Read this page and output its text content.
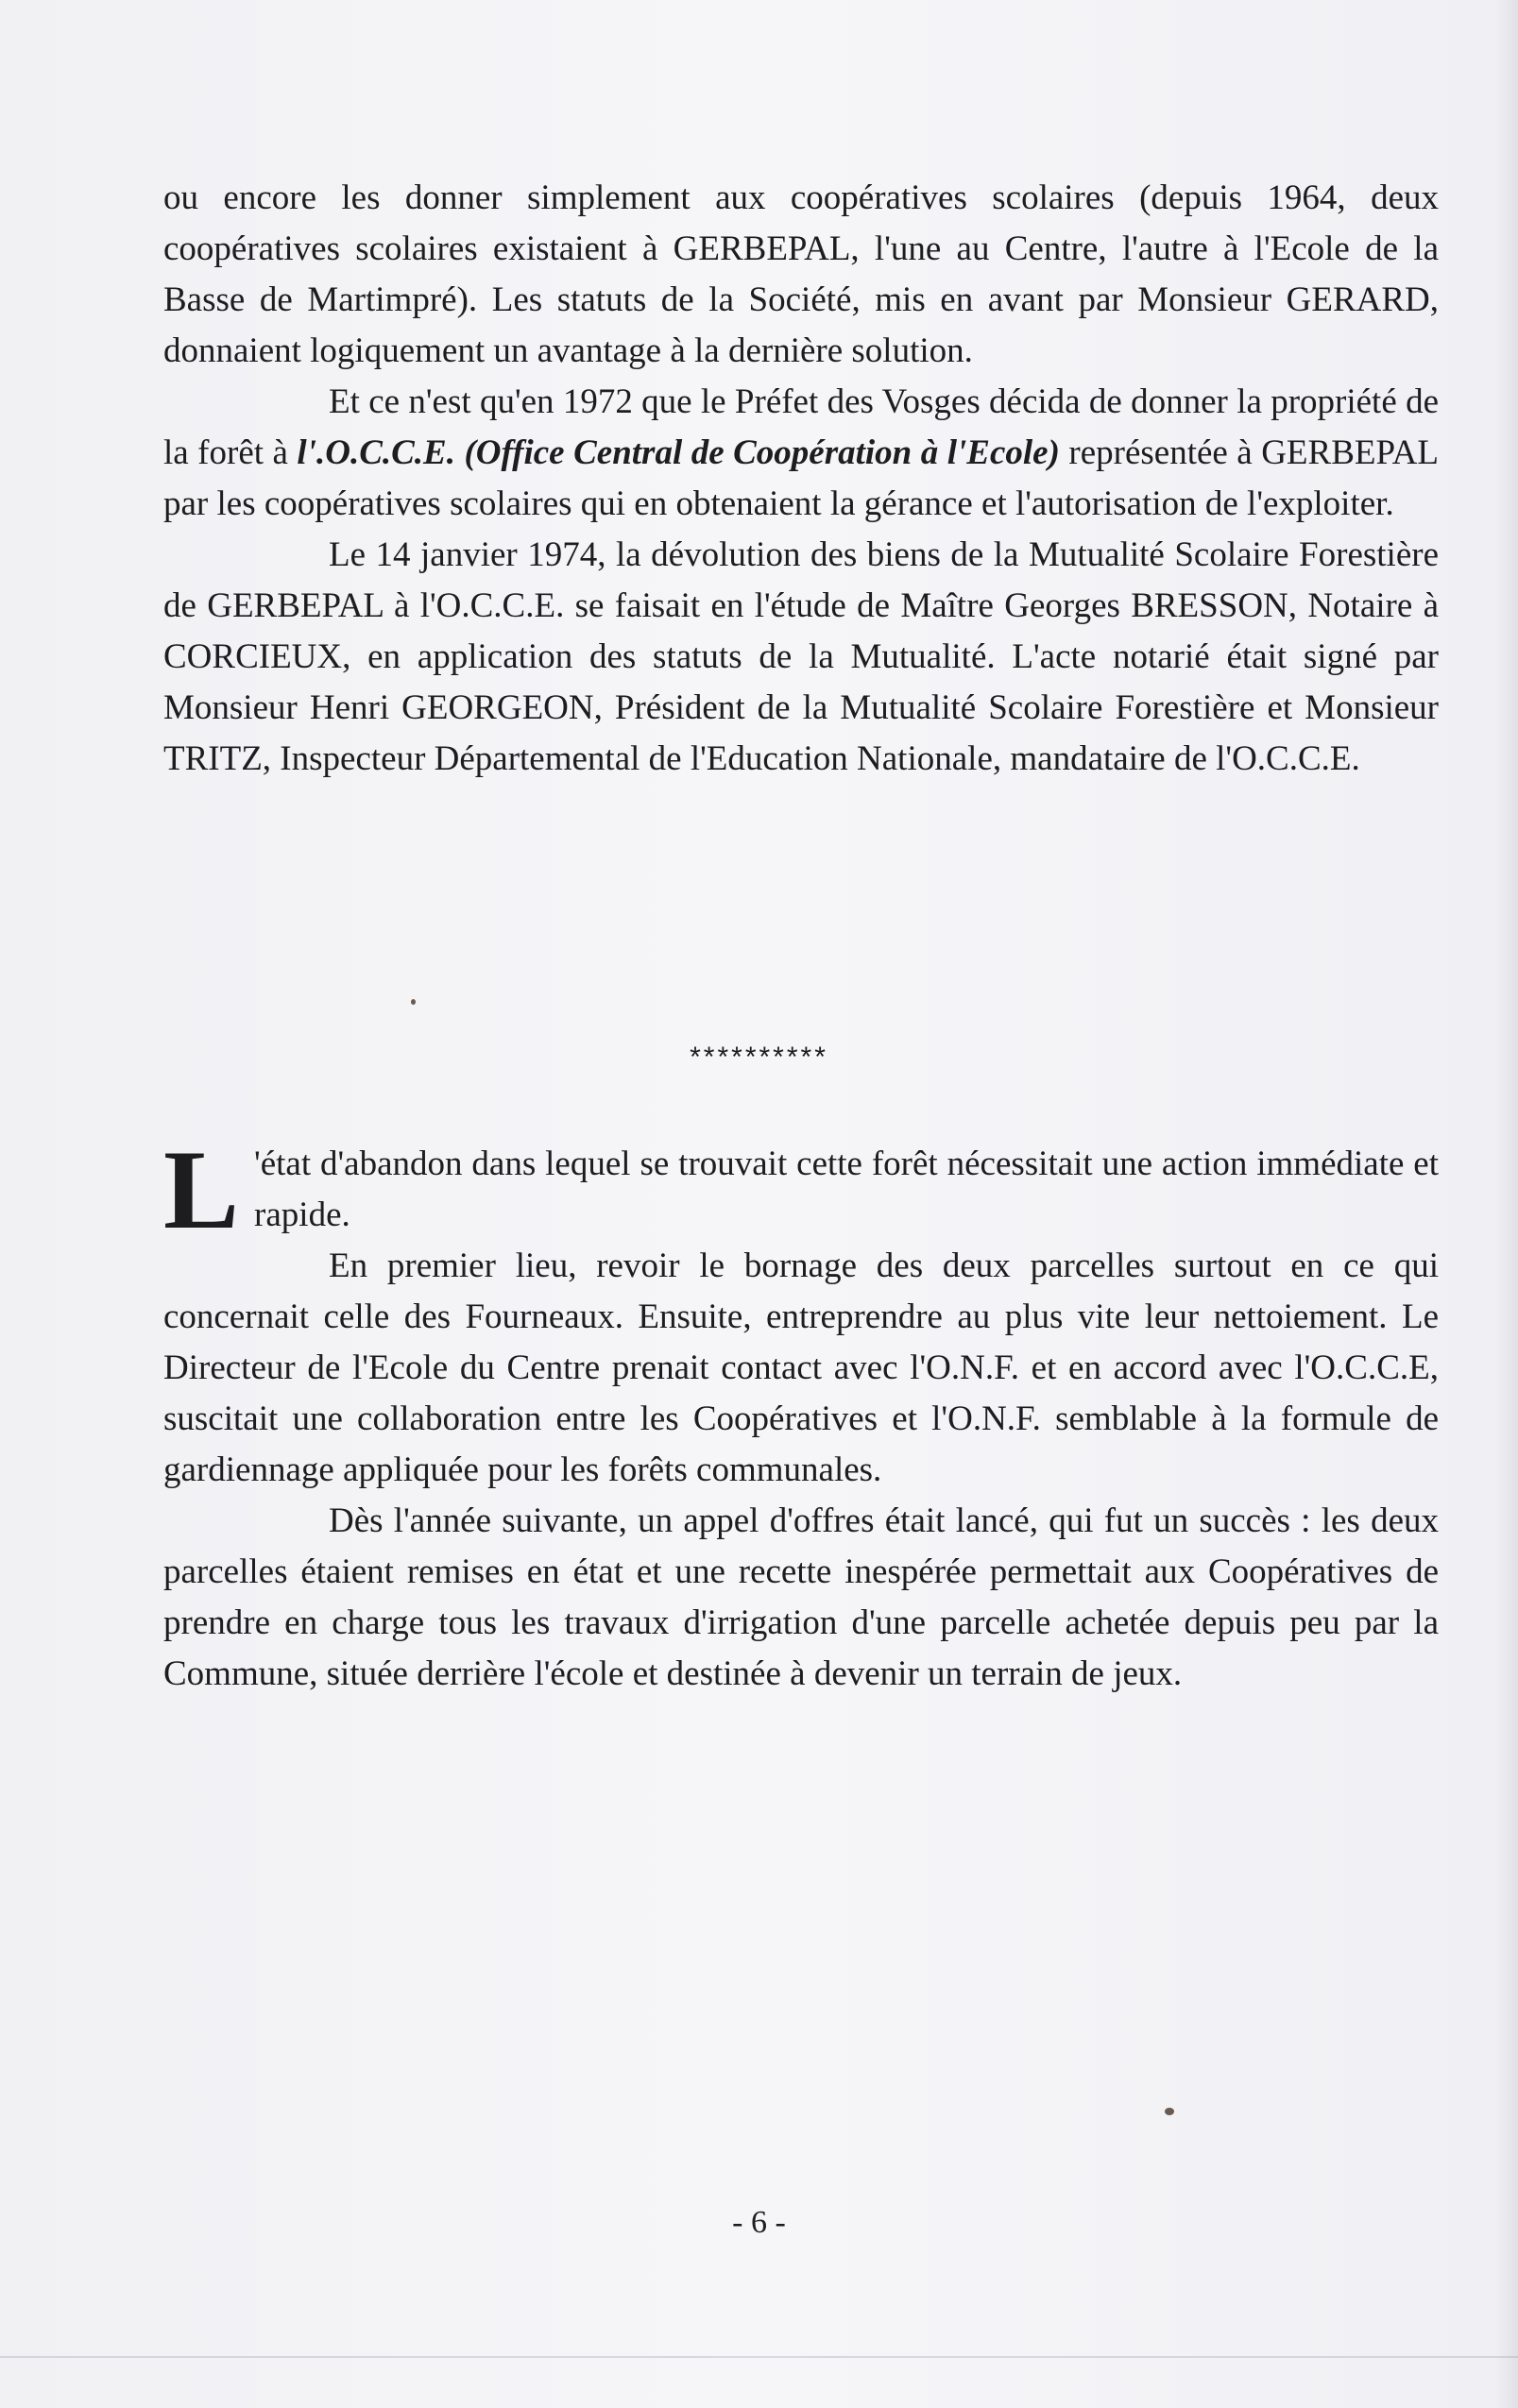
ou encore les donner simplement aux coopératives scolaires (depuis 1964, deux coopératives scolaires existaient à GERBEPAL, l'une au Centre, l'autre à l'Ecole de la Basse de Martimpré). Les statuts de la Société, mis en avant par Monsieur GERARD, donnaient logiquement un avantage à la dernière solution.

Et ce n'est qu'en 1972 que le Préfet des Vosges décida de donner la propriété de la forêt à l'.O.C.C.E. (Office Central de Coopération à l'Ecole) représentée à GERBEPAL par les coopératives scolaires qui en obtenaient la gérance et l'autorisation de l'exploiter.

Le 14 janvier 1974, la dévolution des biens de la Mutualité Scolaire Forestière de GERBEPAL à l'O.C.C.E. se faisait en l'étude de Maître Georges BRESSON, Notaire à CORCIEUX, en application des statuts de la Mutualité. L'acte notarié était signé par Monsieur Henri GEORGEON, Président de la Mutualité Scolaire Forestière et Monsieur TRITZ, Inspecteur Départemental de l'Education Nationale, mandataire de l'O.C.C.E.

**********

L 'état d'abandon dans lequel se trouvait cette forêt nécessitait une action immédiate et rapide.

En premier lieu, revoir le bornage des deux parcelles surtout en ce qui concernait celle des Fourneaux. Ensuite, entreprendre au plus vite leur nettoiement. Le Directeur de l'Ecole du Centre prenait contact avec l'O.N.F. et en accord avec l'O.C.C.E, suscitait une collaboration entre les Coopératives et l'O.N.F. semblable à la formule de gardiennage appliquée pour les forêts communales.

Dès l'année suivante, un appel d'offres était lancé, qui fut un succès : les deux parcelles étaient remises en état et une recette inespérée permettait aux Coopératives de prendre en charge tous les travaux d'irrigation d'une parcelle achetée depuis peu par la Commune, située derrière l'école et destinée à devenir un terrain de jeux.

- 6 -
